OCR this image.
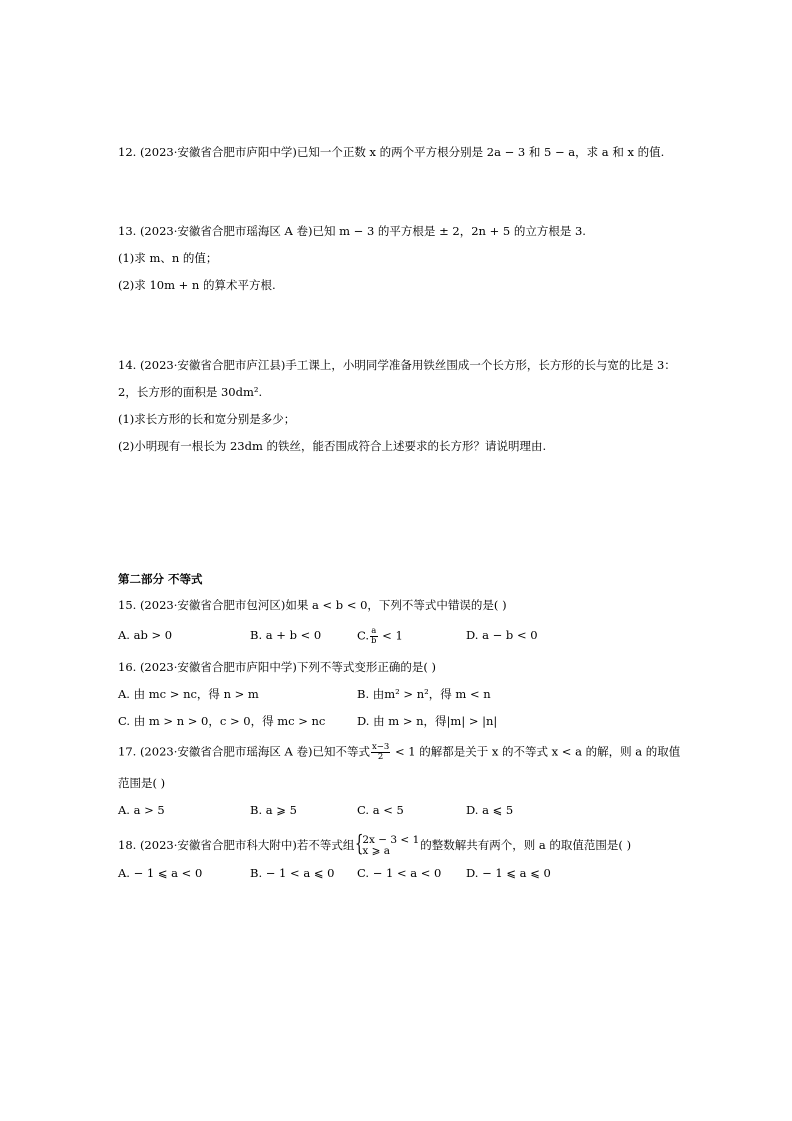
12. (2023·安徽省合肥市庐阳中学)已知一个正数 x 的两个平方根分别是 2a − 3 和 5 − a，求 a 和 x 的值.
13. (2023·安徽省合肥市瑶海区 A 卷)已知 m − 3 的平方根是 ± 2，2n + 5 的立方根是 3.
(1)求 m、n 的值；
(2)求 10m + n 的算术平方根.
14. (2023·安徽省合肥市庐江县)手工课上，小明同学准备用铁丝围成一个长方形，长方形的长与宽的比是 3：
2，长方形的面积是 30dm².
(1)求长方形的长和宽分别是多少；
(2)小明现有一根长为 23dm 的铁丝，能否围成符合上述要求的长方形？请说明理由.
第二部分 不等式
15. (2023·安徽省合肥市包河区)如果 a < b < 0，下列不等式中错误的是( )
A. ab > 0	B. a + b < 0	C. $\frac{a}{b} < 1$	D. a − b < 0
16. (2023·安徽省合肥市庐阳中学)下列不等式变形正确的是( )
A. 由 mc > nc，得 n > m	B. 由m² > n²，得 m < n
C. 由 m > n > 0，c > 0，得 mc > nc	D. 由 m > n，得|m| > |n|
17. (2023·安徽省合肥市瑶海区 A 卷)已知不等式 $\frac{x-3}{2} < 1$ 的解都是关于 x 的不等式 x < a 的解，则 a 的取值
范围是( )
A. a > 5	B. a ⩾ 5	C. a < 5	D. a ⩽ 5
18. (2023·安徽省合肥市科大附中)若不等式组 {
2x − 3 < 1
x ⩾ a	的整数解共有两个，则 a 的取值范围是( )
A. − 1 ⩽ a < 0	B. − 1 < a ⩽ 0 C. − 1 < a < 0 D. − 1 ⩽ a ⩽ 0
